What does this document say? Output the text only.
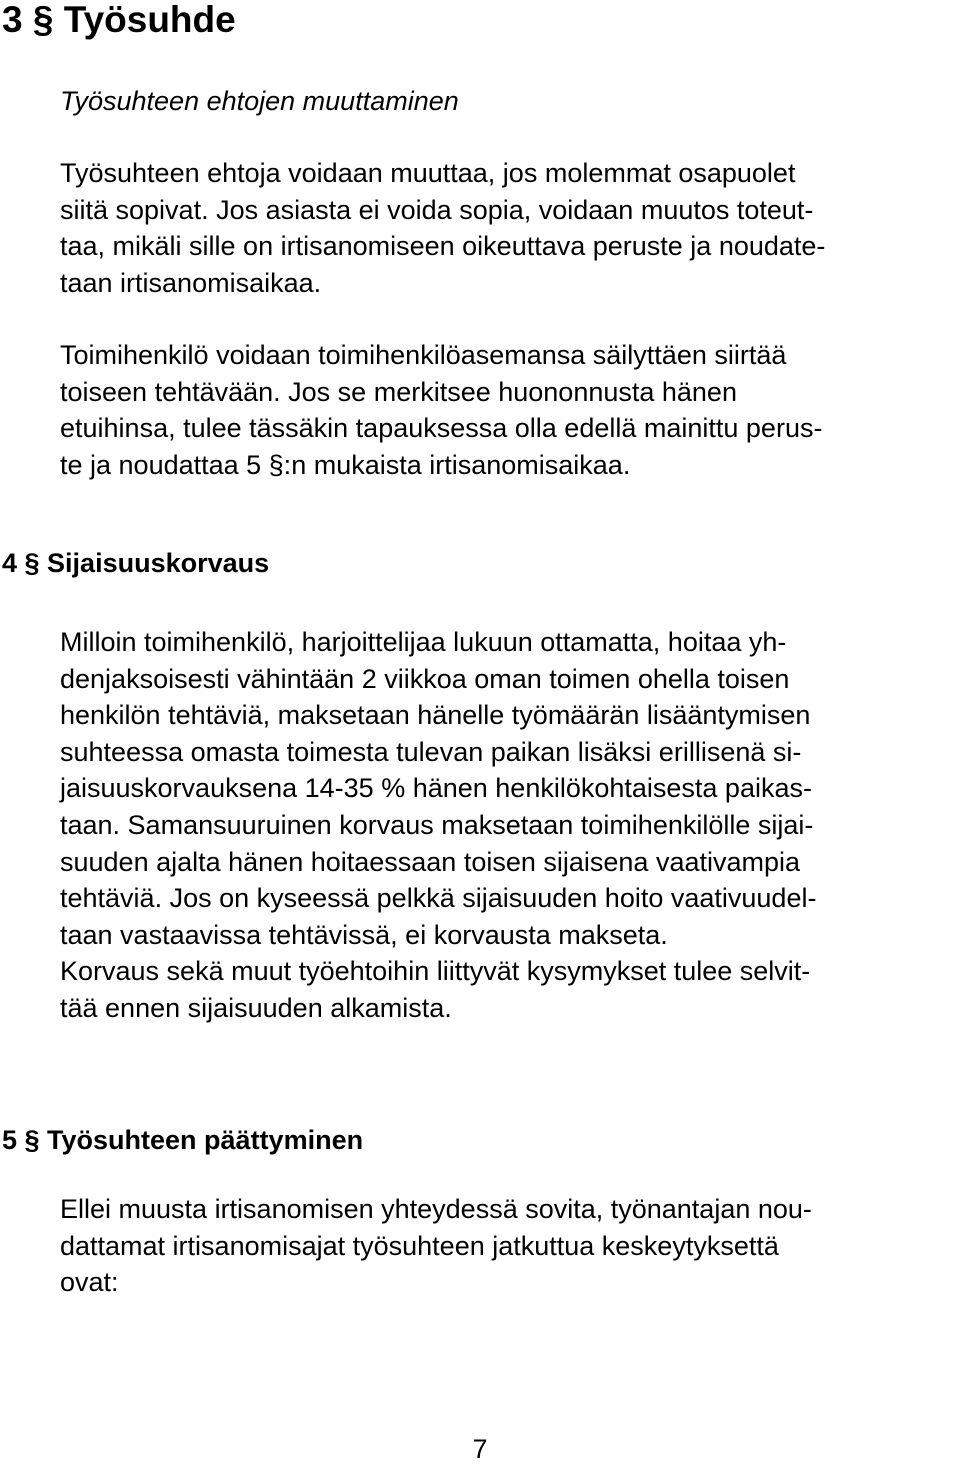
3 § Työsuhde
Työsuhteen ehtojen muuttaminen

Työsuhteen ehtoja voidaan muuttaa, jos molemmat osapuolet
siitä sopivat. Jos asiasta ei voida sopia, voidaan muutos toteut-
taa, mikäli sille on irtisanomiseen oikeuttava peruste ja noudate-
taan irtisanomisaikaa.

Toimihenkilö voidaan toimihenkilöasemansa säilyttäen siirtää
toiseen tehtävään. Jos se merkitsee huononnusta hänen
etuihinsa, tulee tässäkin tapauksessa olla edellä mainittu perus-
te ja noudattaa 5 §:n mukaista irtisanomisaikaa.

4 § Sijaisuuskorvaus

Milloin toimihenkilö, harjoittelijaa lukuun ottamatta, hoitaa yh-
denjaksoisesti vähintään 2 viikkoa oman toimen ohella toisen
henkilön tehtäviä, maksetaan hänelle työmäärän lisääntymisen
suhteessa omasta toimesta tulevan paikan lisäksi erillisenä si-
jaisuuskorvauksena 14-35 % hänen henkilökohtaisesta paikas-
taan. Samansuuruinen korvaus maksetaan toimihenkilölle sijai-
suuden ajalta hänen hoitaessaan toisen sijaisena vaativampia
tehtäviä. Jos on kyseessä pelkkä sijaisuuden hoito vaativuudel-
taan vastaavissa tehtävissä, ei korvausta makseta.
Korvaus sekä muut työehtoihin liittyvät kysymykset tulee selvit-
tää ennen sijaisuuden alkamista.

5 § Työsuhteen päättyminen

Ellei muusta irtisanomisen yhteydessä sovita, työnantajan nou-
dattamat irtisanomisajat työsuhteen jatkuttua keskeytyksettä
ovat:

7
